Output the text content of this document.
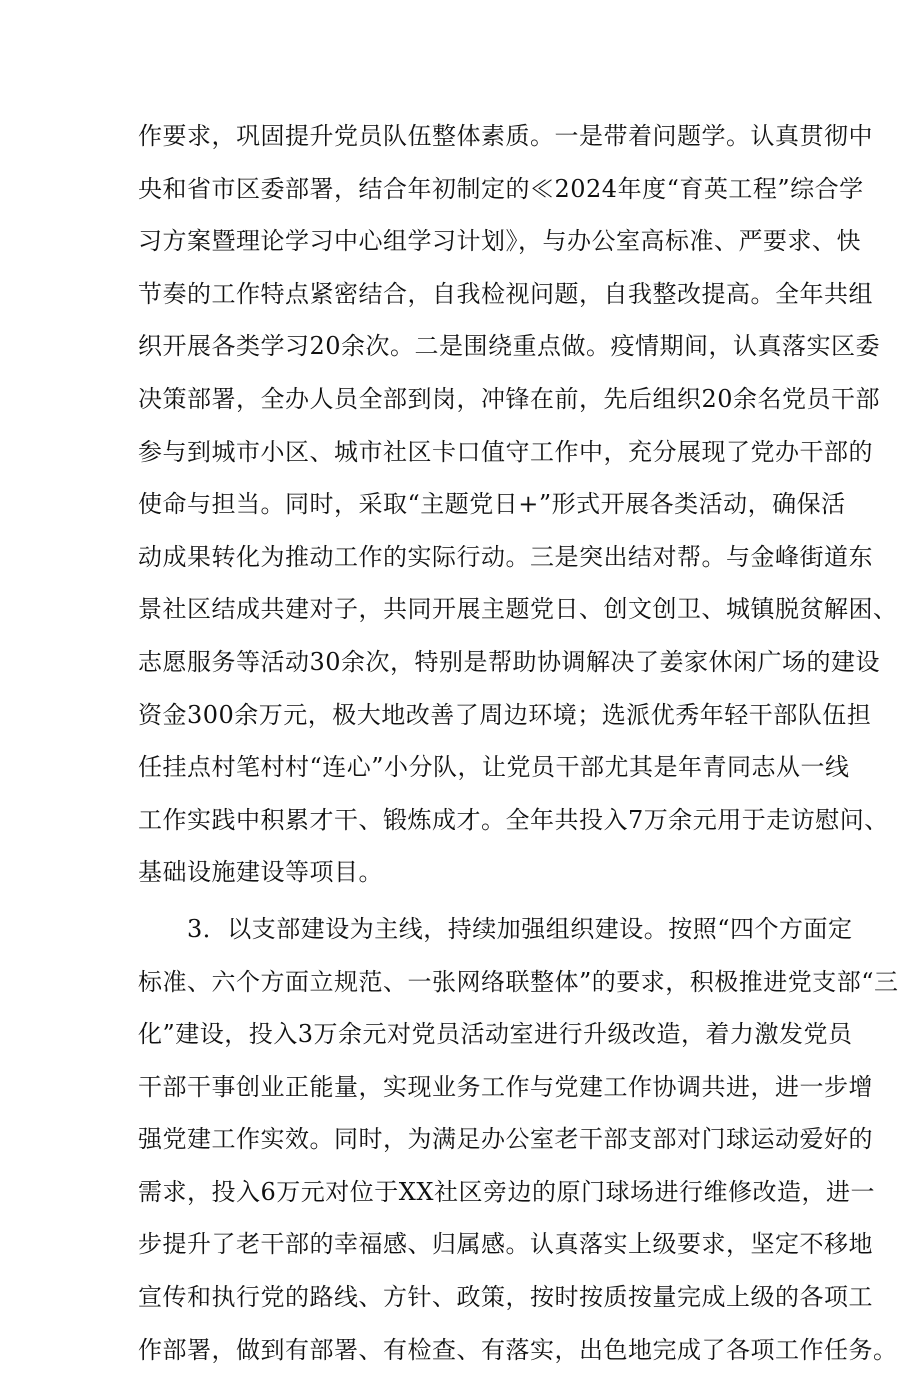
作要求，巩固提升党员队伍整体素质。一是带着问题学。认真贯彻中
央和省市区委部署，结合年初制定的≪2024年度“育英工程”综合学
习方案暨理论学习中心组学习计划》，与办公室高标准、严要求、快
节奏的工作特点紧密结合，自我检视问题，自我整改提高。全年共组
织开展各类学习20余次。二是围绕重点做。疫情期间，认真落实区委
决策部署，全办人员全部到岗，冲锋在前，先后组织20余名党员干部
参与到城市小区、城市社区卡口值守工作中，充分展现了党办干部的
使命与担当。同时，采取“主题党日+”形式开展各类活动，确保活
动成果转化为推动工作的实际行动。三是突出结对帮。与金峰街道东
景社区结成共建对子，共同开展主题党日、创文创卫、城镇脱贫解困、
志愿服务等活动30余次，特别是帮助协调解决了姜家休闲广场的建设
资金300余万元，极大地改善了周边环境；选派优秀年轻干部队伍担
任挂点村笔村村“连心”小分队，让党员干部尤其是年青同志从一线
工作实践中积累才干、锻炼成才。全年共投入7万余元用于走访慰问、
基础设施建设等项目。
　　3．以支部建设为主线，持续加强组织建设。按照“四个方面定
标准、六个方面立规范、一张网络联整体”的要求，积极推进党支部“三
化”建设，投入3万余元对党员活动室进行升级改造，着力激发党员
干部干事创业正能量，实现业务工作与党建工作协调共进，进一步增
强党建工作实效。同时，为满足办公室老干部支部对门球运动爱好的
需求，投入6万元对位于XX社区旁边的原门球场进行维修改造，进一
步提升了老干部的幸福感、归属感。认真落实上级要求，坚定不移地
宣传和执行党的路线、方针、政策，按时按质按量完成上级的各项工
作部署，做到有部署、有检查、有落实，出色地完成了各项工作任务。
